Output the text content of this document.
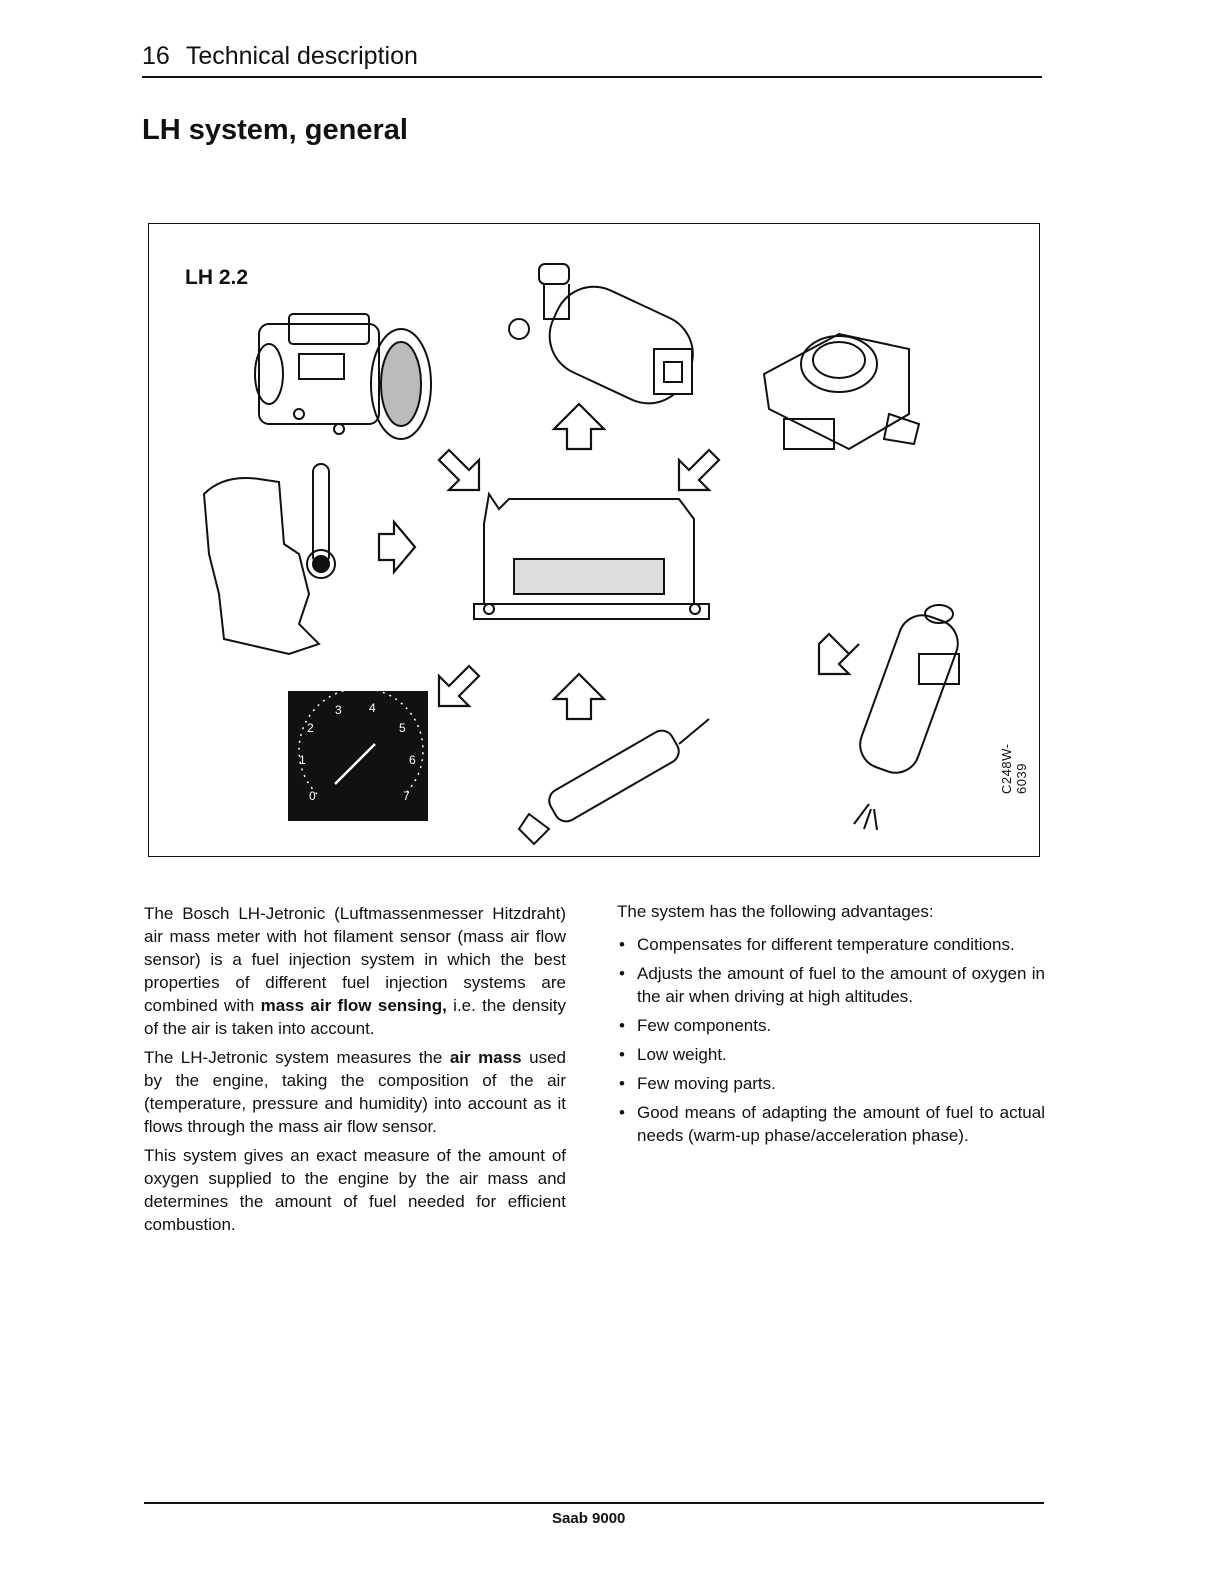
16 Technical description
LH system, general
LH 2.2
0
1
2
3 4
5
6
7
C248W-6039

The Bosch LH-Jetronic (Luftmassenmesser Hitzdraht) air mass meter with hot filament sensor (mass air flow sensor) is a fuel injection system in which the best properties of different fuel injection systems are combined with mass air flow sensing, i.e. the density of the air is taken into account.

The LH-Jetronic system measures the air mass used by the engine, taking the composition of the air (temperature, pressure and humidity) into account as it flows through the mass air flow sensor.

This system gives an exact measure of the amount of oxygen supplied to the engine by the air mass and determines the amount of fuel needed for efficient combustion.

The system has the following advantages:

• Compensates for different temperature conditions.
• Adjusts the amount of fuel to the amount of oxygen in the air when driving at high altitudes.
• Few components.
• Low weight.
• Few moving parts.
• Good means of adapting the amount of fuel to actual needs (warm-up phase/acceleration phase).
Saab 9000
